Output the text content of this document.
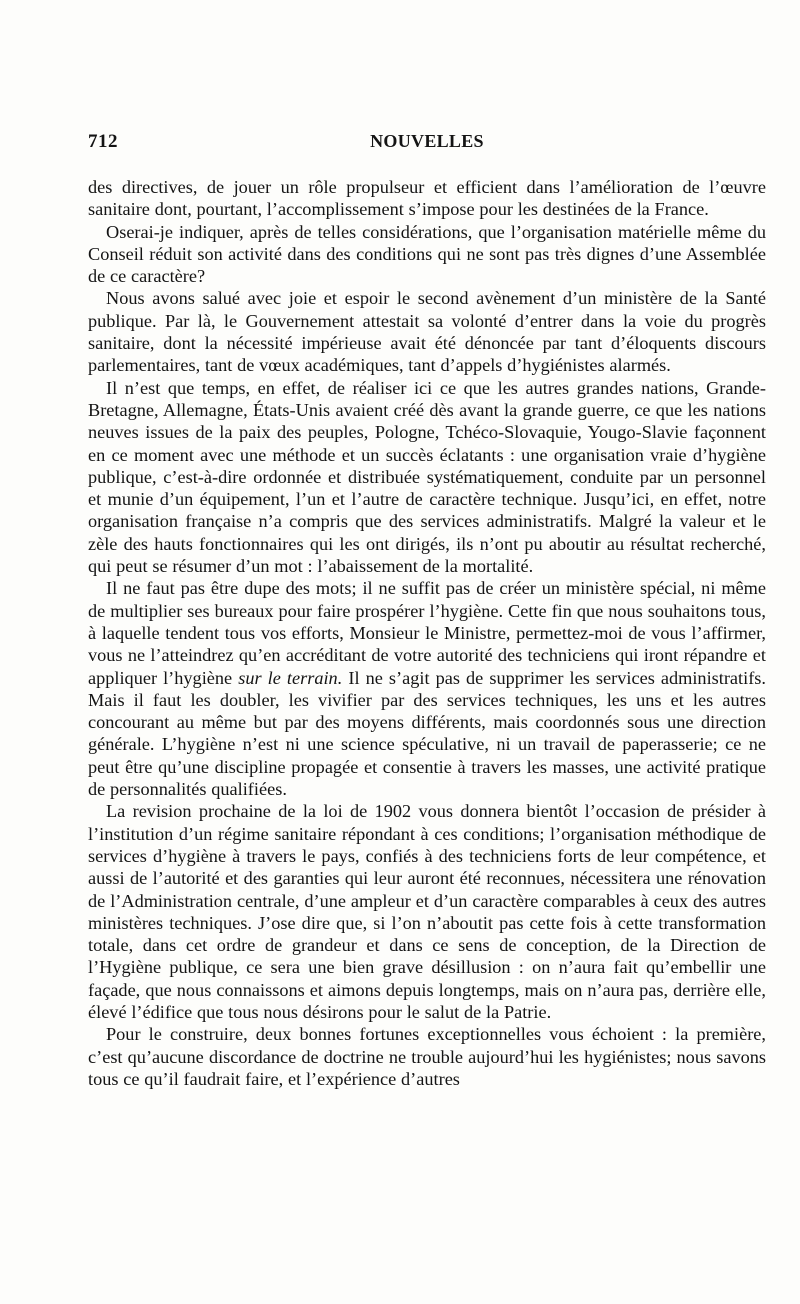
712	NOUVELLES

des directives, de jouer un rôle propulseur et efficient dans l’amélioration de l’œuvre sanitaire dont, pourtant, l’accomplissement s’impose pour les destinées de la France.

Oserai-je indiquer, après de telles considérations, que l’organisation matérielle même du Conseil réduit son activité dans des conditions qui ne sont pas très dignes d’une Assemblée de ce caractère?

Nous avons salué avec joie et espoir le second avènement d’un ministère de la Santé publique. Par là, le Gouvernement attestait sa volonté d’entrer dans la voie du progrès sanitaire, dont la nécessité impérieuse avait été dénoncée par tant d’éloquents discours parlementaires, tant de vœux académiques, tant d’appels d’hygiénistes alarmés.

Il n’est que temps, en effet, de réaliser ici ce que les autres grandes nations, Grande-Bretagne, Allemagne, États-Unis avaient créé dès avant la grande guerre, ce que les nations neuves issues de la paix des peuples, Pologne, Tchéco-Slovaquie, Yougo-Slavie façonnent en ce moment avec une méthode et un succès éclatants : une organisation vraie d’hygiène publique, c’est-à-dire ordonnée et distribuée systématiquement, conduite par un personnel et munie d’un équipement, l’un et l’autre de caractère technique. Jusqu’ici, en effet, notre organisation française n’a compris que des services administratifs. Malgré la valeur et le zèle des hauts fonctionnaires qui les ont dirigés, ils n’ont pu aboutir au résultat recherché, qui peut se résumer d’un mot : l’abaissement de la mortalité.

Il ne faut pas être dupe des mots; il ne suffit pas de créer un ministère spécial, ni même de multiplier ses bureaux pour faire prospérer l’hygiène. Cette fin que nous souhaitons tous, à laquelle tendent tous vos efforts, Monsieur le Ministre, permettez-moi de vous l’affirmer, vous ne l’atteindrez qu’en accréditant de votre autorité des techniciens qui iront répandre et appliquer l’hygiène sur le terrain. Il ne s’agit pas de supprimer les services administratifs. Mais il faut les doubler, les vivifier par des services techniques, les uns et les autres concourant au même but par des moyens différents, mais coordonnés sous une direction générale. L’hygiène n’est ni une science spéculative, ni un travail de paperasserie; ce ne peut être qu’une discipline propagée et consentie à travers les masses, une activité pratique de personnalités qualifiées.

La revision prochaine de la loi de 1902 vous donnera bientôt l’occasion de présider à l’institution d’un régime sanitaire répondant à ces conditions; l’organisation méthodique de services d’hygiène à travers le pays, confiés à des techniciens forts de leur compétence, et aussi de l’autorité et des garanties qui leur auront été reconnues, nécessitera une rénovation de l’Administration centrale, d’une ampleur et d’un caractère comparables à ceux des autres ministères techniques. J’ose dire que, si l’on n’aboutit pas cette fois à cette transformation totale, dans cet ordre de grandeur et dans ce sens de conception, de la Direction de l’Hygiène publique, ce sera une bien grave désillusion : on n’aura fait qu’embellir une façade, que nous connaissons et aimons depuis longtemps, mais on n’aura pas, derrière elle, élevé l’édifice que tous nous désirons pour le salut de la Patrie.

Pour le construire, deux bonnes fortunes exceptionnelles vous échoient : la première, c’est qu’aucune discordance de doctrine ne trouble aujourd’hui les hygiénistes; nous savons tous ce qu’il faudrait faire, et l’expérience d’autres
